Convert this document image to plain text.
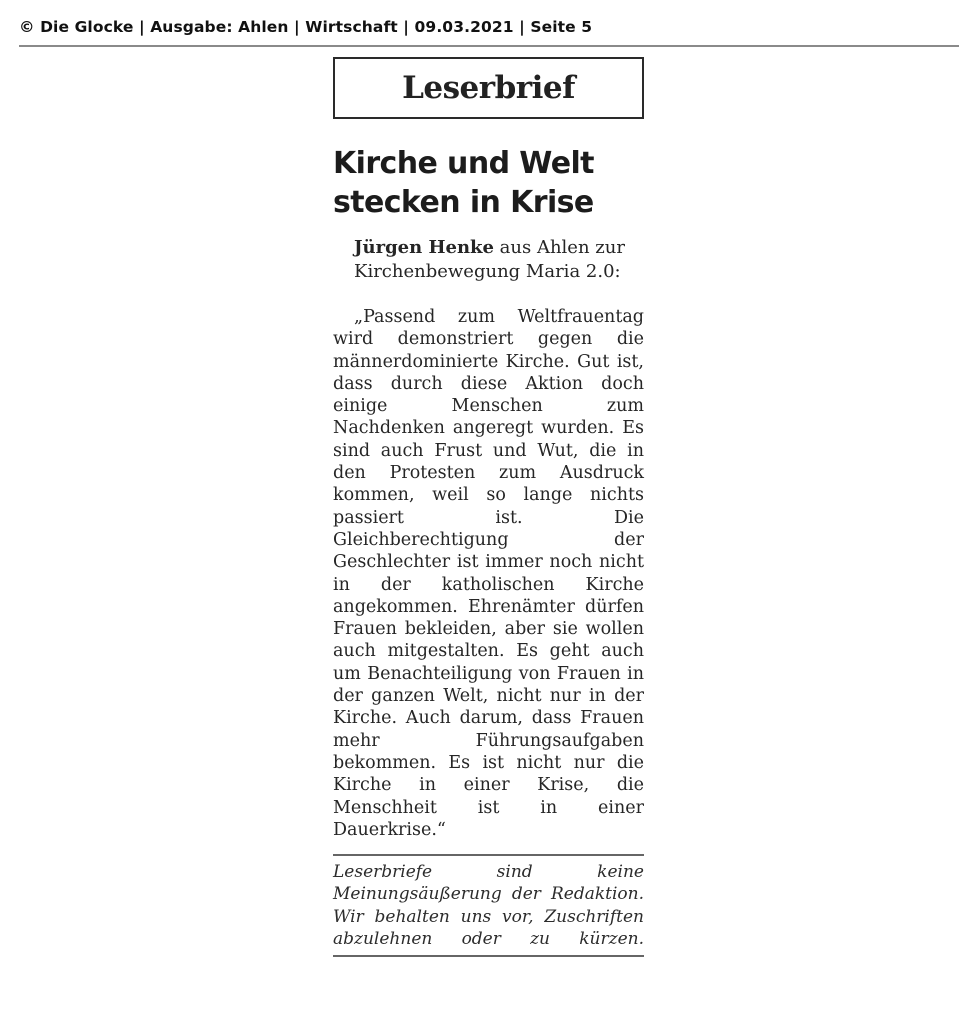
© Die Glocke | Ausgabe: Ahlen | Wirtschaft | 09.03.2021 | Seite 5
Leserbrief
Kirche und Welt stecken in Krise
Jürgen Henke aus Ahlen zur Kirchenbewegung Maria 2.0:
„Passend zum Weltfrauentag wird demonstriert gegen die männerdominierte Kirche. Gut ist, dass durch diese Aktion doch einige Menschen zum Nachdenken angeregt wurden. Es sind auch Frust und Wut, die in den Protesten zum Ausdruck kommen, weil so lange nichts passiert ist. Die Gleichberechtigung der Geschlechter ist immer noch nicht in der katholischen Kirche angekommen. Ehrenämter dürfen Frauen bekleiden, aber sie wollen auch mitgestalten. Es geht auch um Benachteiligung von Frauen in der ganzen Welt, nicht nur in der Kirche. Auch darum, dass Frauen mehr Führungsaufgaben bekommen. Es ist nicht nur die Kirche in einer Krise, die Menschheit ist in einer Dauerkrise.“
Leserbriefe sind keine Meinungsäußerung der Redaktion. Wir behalten uns vor, Zuschriften abzulehnen oder zu kürzen.
